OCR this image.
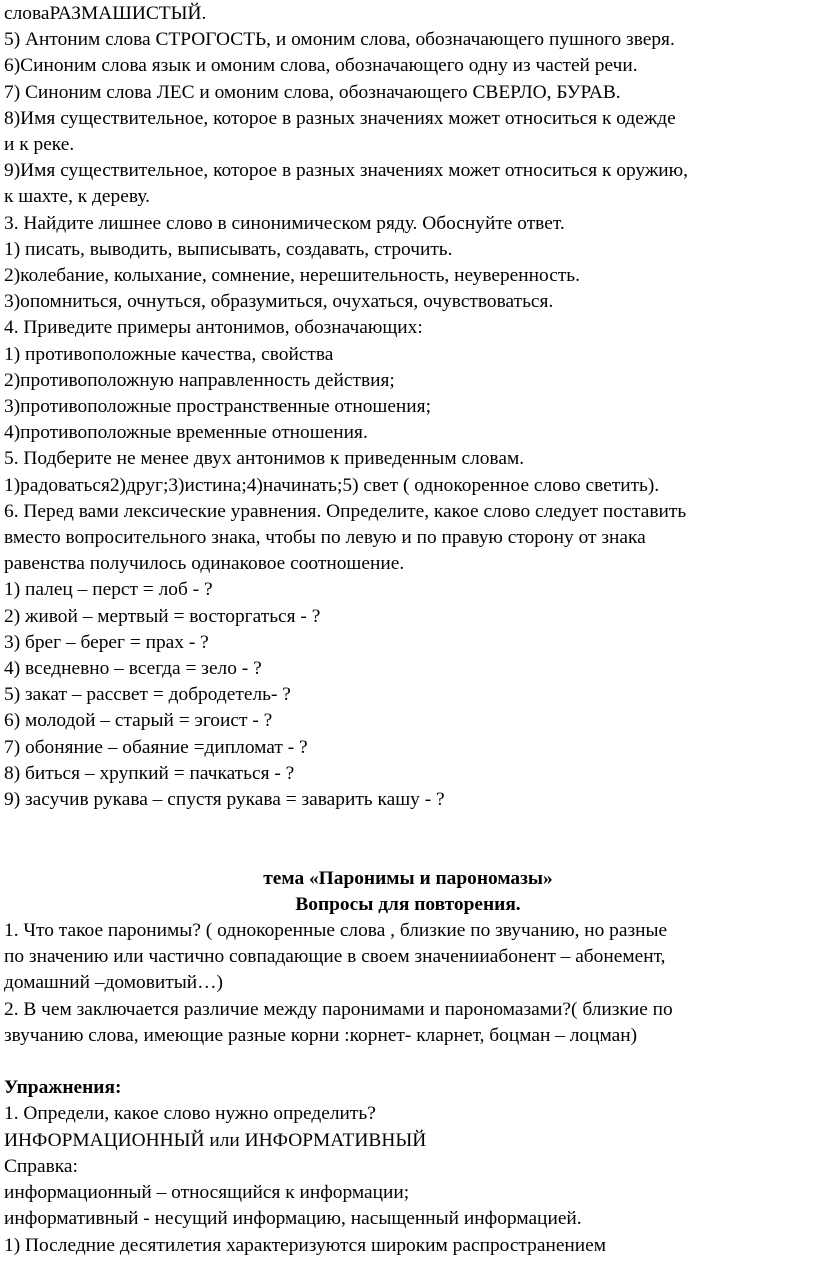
словаРАЗМАШИСТЫЙ.
5) Антоним слова СТРОГОСТЬ, и омоним слова, обозначающего пушного зверя.
6)Синоним слова язык и омоним слова, обозначающего одну из частей речи.
7) Синоним слова ЛЕС и омоним слова, обозначающего СВЕРЛО, БУРАВ.
8)Имя существительное, которое в разных значениях может относиться к одежде
и к реке.
9)Имя существительное, которое в разных значениях может относиться к оружию,
к шахте, к дереву.
3. Найдите лишнее слово в синонимическом ряду. Обоснуйте ответ.
1) писать, выводить, выписывать, создавать, строчить.
2)колебание, колыхание, сомнение, нерешительность, неуверенность.
3)опомниться, очнуться, образумиться, очухаться, очувствоваться.
4. Приведите примеры антонимов, обозначающих:
1) противоположные качества, свойства
2)противоположную направленность действия;
3)противоположные пространственные отношения;
4)противоположные временные отношения.
5. Подберите не менее двух антонимов к приведенным словам.
1)радоваться2)друг;3)истина;4)начинать;5) свет ( однокоренное слово светить).
6. Перед вами лексические уравнения. Определите, какое слово следует поставить
вместо вопросительного знака, чтобы по левую и по правую сторону от знака
равенства получилось одинаковое соотношение.
1) палец – перст = лоб - ?
2) живой – мертвый = восторгаться - ?
3) брег – берег = прах - ?
4) вседневно – всегда = зело - ?
5) закат – рассвет = добродетель- ?
6) молодой – старый = эгоист - ?
7) обоняние – обаяние =дипломат - ?
8) биться – хрупкий = пачкаться - ?
9) засучив рукава – спустя рукава = заварить кашу - ?
тема «Паронимы и парономазы»
Вопросы для повторения.
1. Что такое паронимы? ( однокоренные слова , близкие по звучанию, но разные
по значению или частично совпадающие в своем значенииабонент – абонемент,
домашний –домовитый…)
2. В чем заключается различие между паронимами и парономазами?( близкие по
звучанию слова, имеющие разные корни :корнет- кларнет, боцман – лоцман)
Упражнения:
1. Определи, какое слово нужно определить?
ИНФОРМАЦИОННЫЙ или ИНФОРМАТИВНЫЙ
Справка:
информационный – относящийся к информации;
информативный - несущий информацию, насыщенный информацией.
1) Последние десятилетия характеризуются широким распространением
